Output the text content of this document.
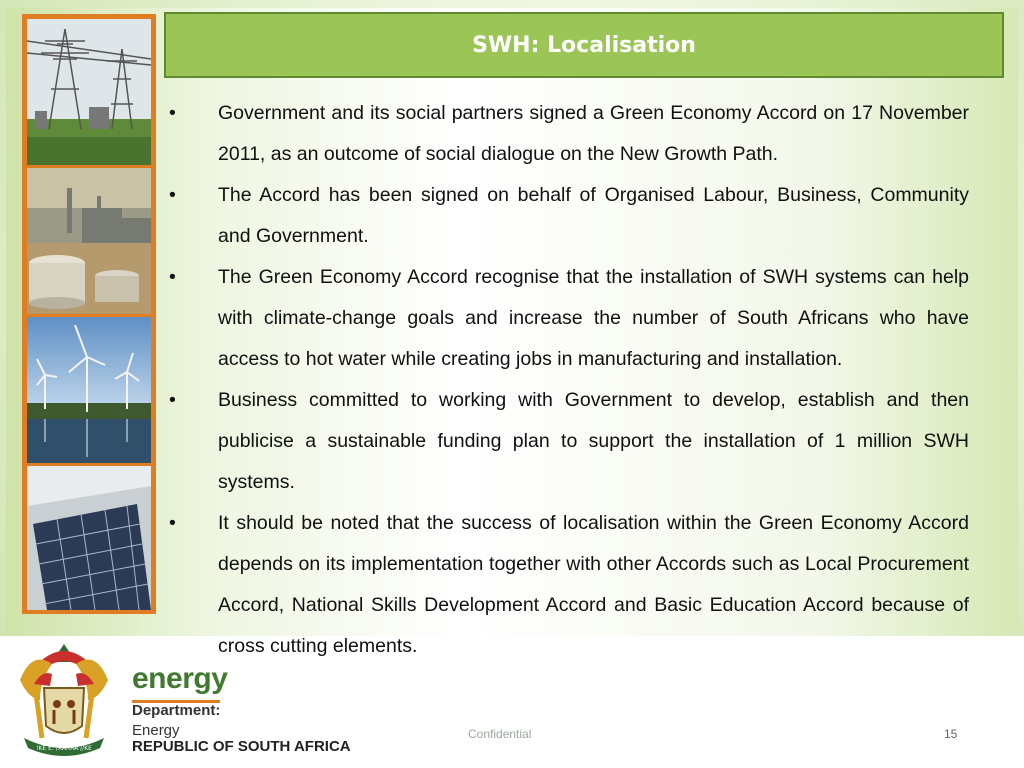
SWH: Localisation
•	Government and its social partners signed a Green Economy Accord on 17 November 2011, as an outcome of social dialogue on the New Growth Path.
•	The Accord has been signed on behalf of Organised Labour, Business, Community and Government.
•	The Green Economy Accord recognise that the installation of SWH systems can help with climate-change goals and increase the number of South Africans who have access to hot water while creating jobs in manufacturing and installation.
•	Business committed to working with Government to develop, establish and then publicise a sustainable funding plan to support the installation of 1 million SWH systems.
•	It should be noted that the success of localisation within the Green Economy Accord depends on its implementation together with other Accords such as Local Procurement Accord, National Skills Development Accord and Basic Education Accord because of cross cutting elements.
!KE E: /XARRA //KE
energy
Department:
Energy
REPUBLIC OF SOUTH AFRICA
Confidential	15
